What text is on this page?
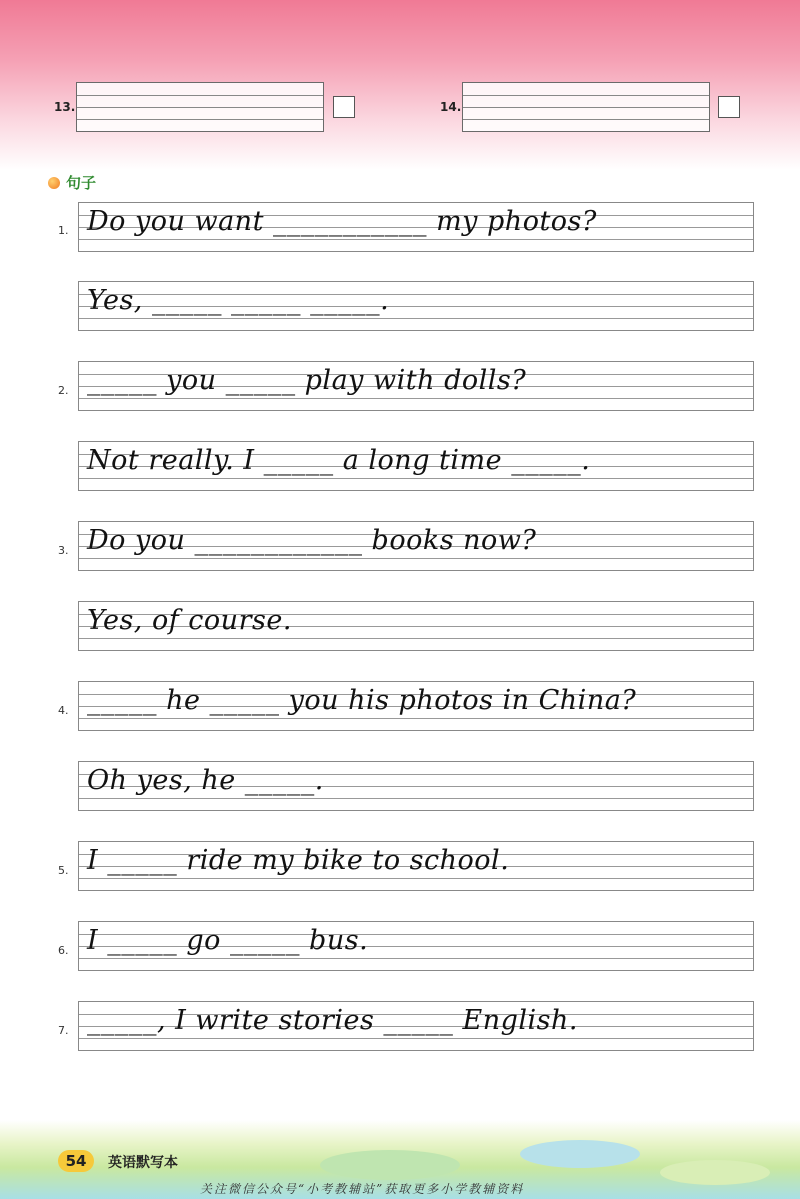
13.	14.
句子
1. Do you want ___________ my photos?
Yes, _____ _____ _____.
2. _____ you _____ play with dolls?
Not really. I _____ a long time _____.
3. Do you ____________ books now?
Yes, of course.
4. _____ he _____ you his photos in China?
Oh yes, he _____.
5. I _____ ride my bike to school.
6. I _____ go _____ bus.
7. _____, I write stories _____ English.
54	英语默写本
关注微信公众号“小考教辅站”获取更多小学教辅资料
